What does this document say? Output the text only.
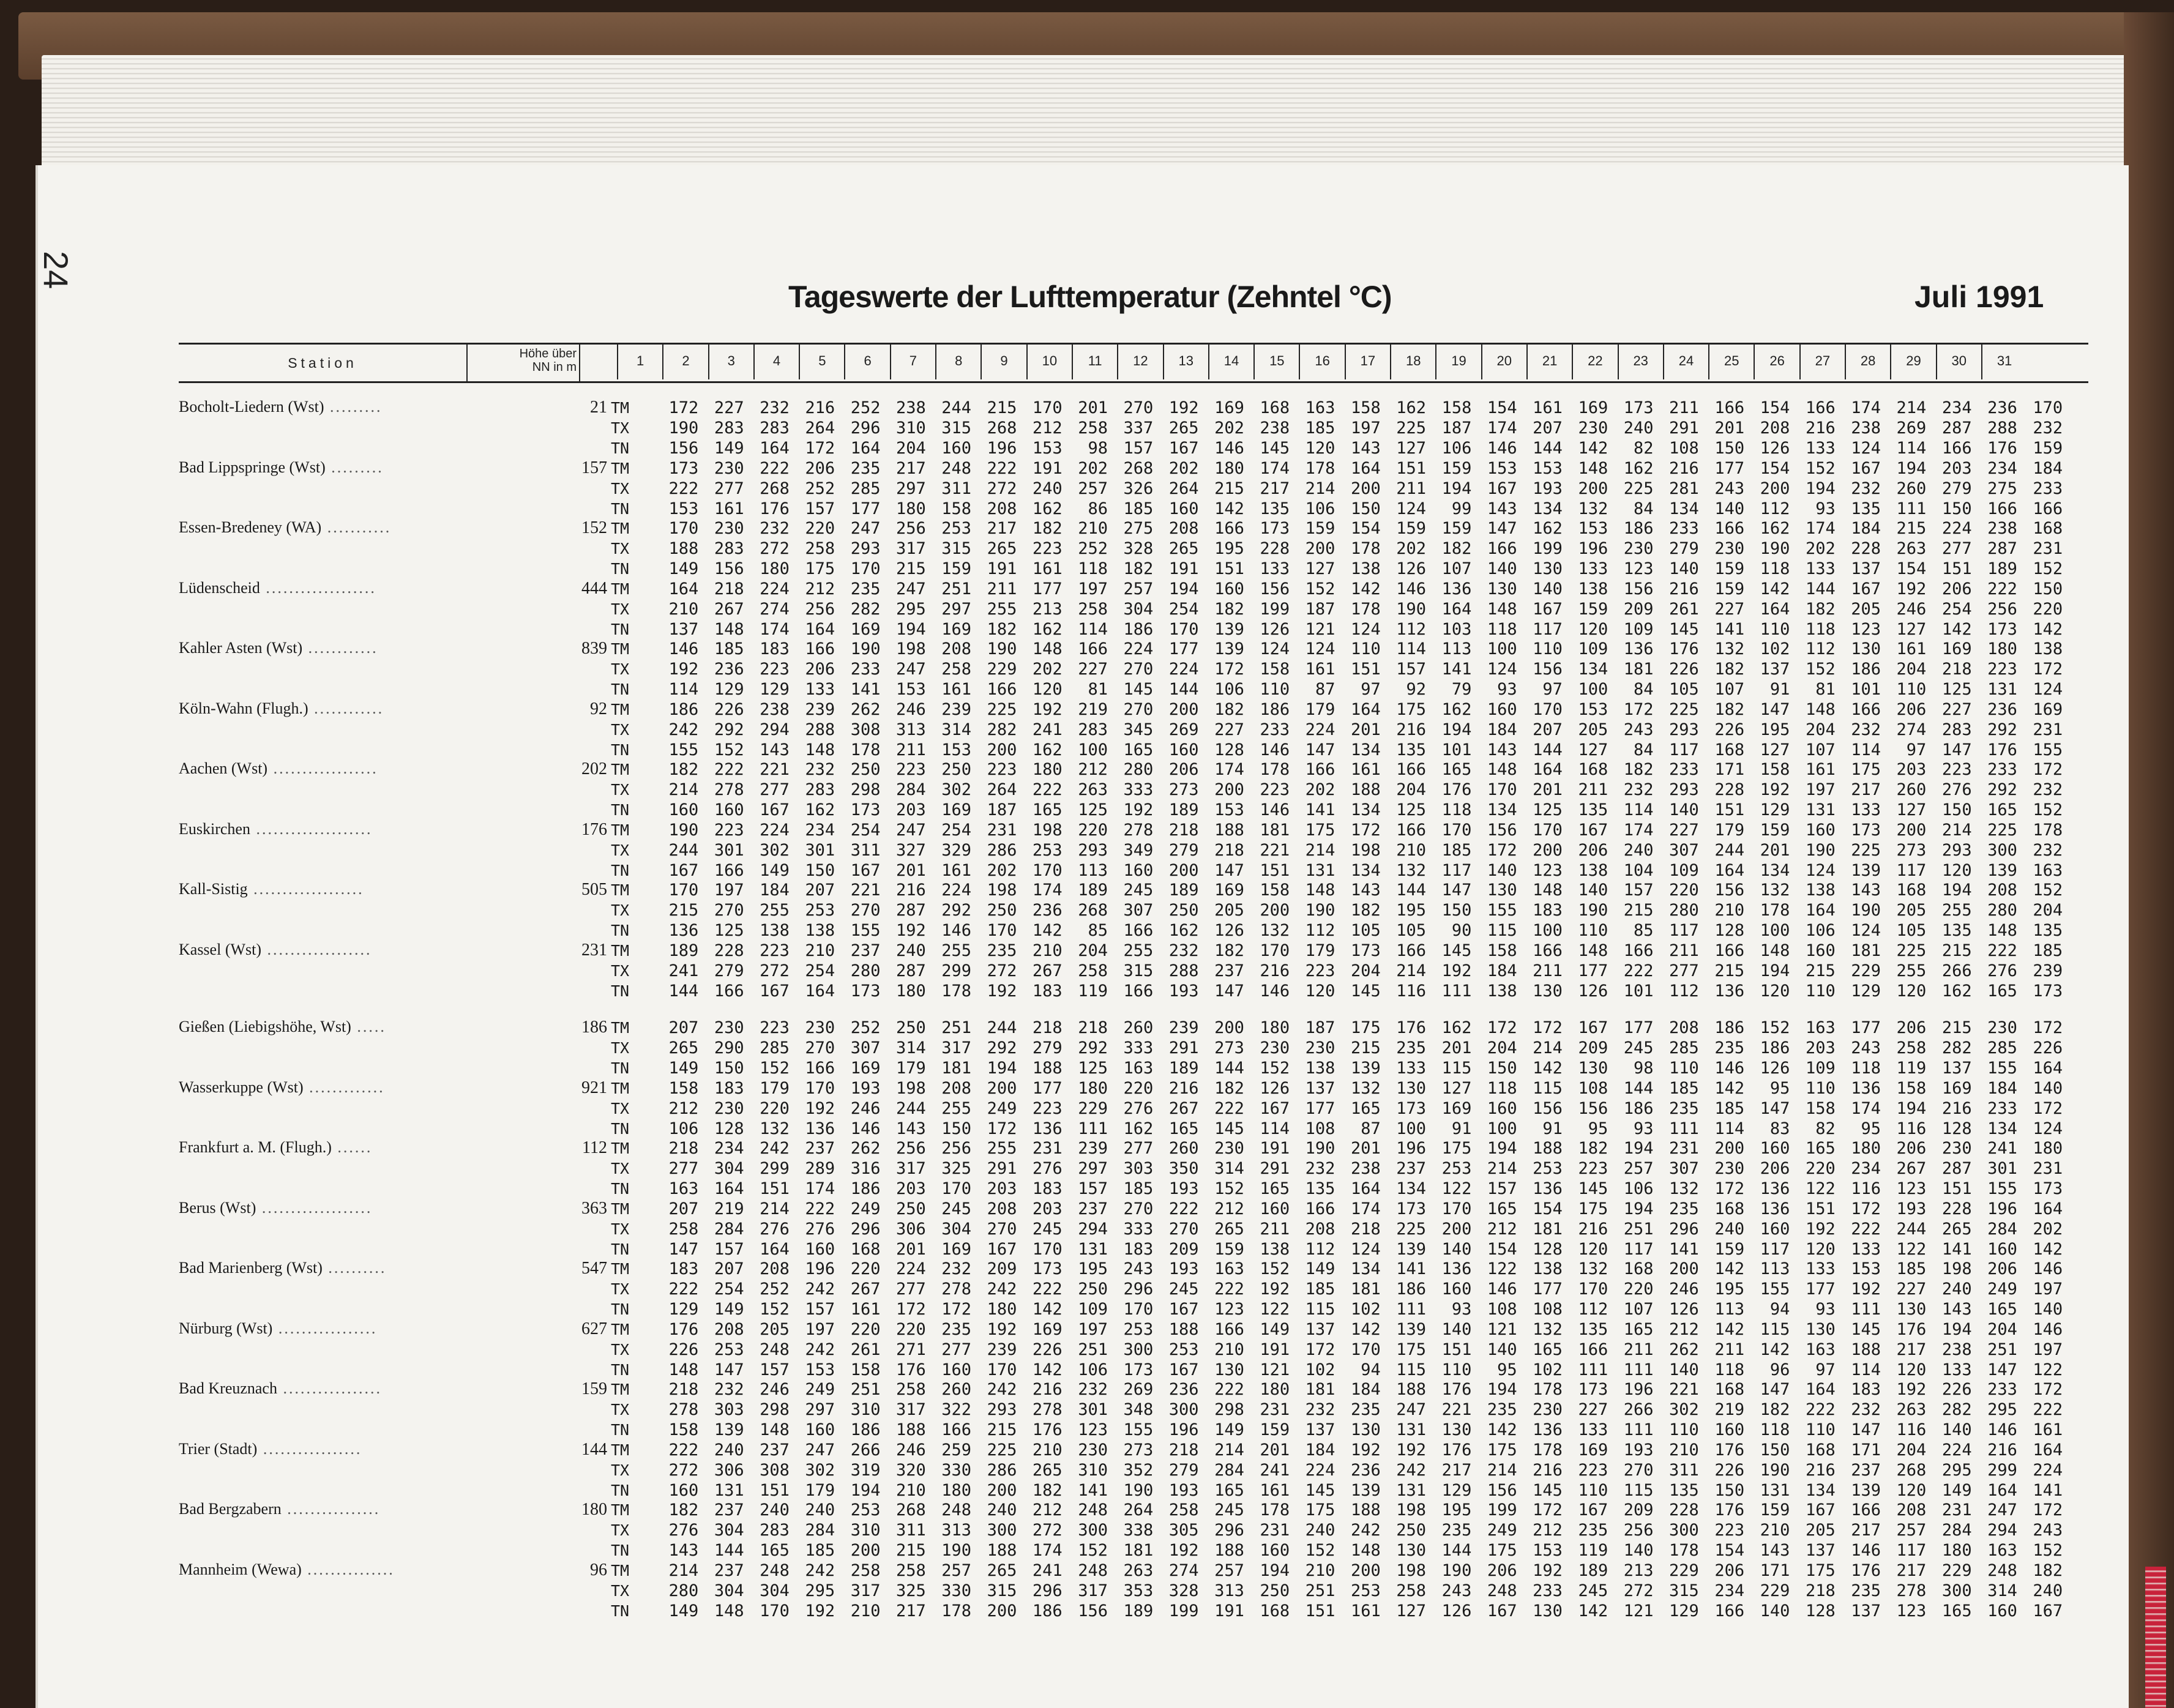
24
Tageswerte der Lufttemperatur (Zehntel °C)	Juli 1991
Station
Höhe über
NN in m	1	2	3	4	5	6	7	8	9	10	11	12	13	14	15	16	17	18	19	20	21	22	23	24	25	26	27	28	29	30	31
Bocholt-Liedern (Wst) .........	21 TM	172 227 232 216 252 238 244 215 170 201 270 192 169 168 163 158 162 158 154 161 169 173 211 166 154 166 174 214 234 236 170
TX	190 283 283 264 296 310 315 268 212 258 337 265 202 238 185 197 225 187 174 207 230 240 291 201 208 216 238 269 287 288 232
TN	156 149 164 172 164 204 160 196 153	98 157 167 146 145 120 143 127 106 146 144 142	82 108 150 126 133 124 114 166 176 159
Bad Lippspringe (Wst) .........	157 TM	173 230 222 206 235 217 248 222 191 202 268 202 180 174 178 164 151 159 153 153 148 162 216 177 154 152 167 194 203 234 184
TX	222 277 268 252 285 297 311 272 240 257 326 264 215 217 214 200 211 194 167 193 200 225 281 243 200 194 232 260 279 275 233
TN	153 161 176 157 177 180 158 208 162	86 185 160 142 135 106 150 124	99 143 134 132	84 134 140 112	93 135 111 150 166 166
Essen-Bredeney (WA) ...........	152 TM	170 230 232 220 247 256 253 217 182 210 275 208 166 173 159 154 159 159 147 162 153 186 233 166 162 174 184 215 224 238 168
TX	188 283 272 258 293 317 315 265 223 252 328 265 195 228 200 178 202 182 166 199 196 230 279 230 190 202 228 263 277 287 231
TN	149 156 180 175 170 215 159 191 161 118 182 191 151 133 127 138 126 107 140 130 133 123 140 159 118 133 137 154 151 189 152
Lüdenscheid ...................	444 TM	164 218 224 212 235 247 251 211 177 197 257 194 160 156 152 142 146 136 130 140 138 156 216 159 142 144 167 192 206 222 150
TX	210 267 274 256 282 295 297 255 213 258 304 254 182 199 187 178 190 164 148 167 159 209 261 227 164 182 205 246 254 256 220
TN	137 148 174 164 169 194 169 182 162 114 186 170 139 126 121 124 112 103 118 117 120 109 145 141 110 118 123 127 142 173 142
Kahler Asten (Wst) ............	839 TM	146 185 183 166 190 198 208 190 148 166 224 177 139 124 124 110 114 113 100 110 109 136 176 132 102 112 130 161 169 180 138
TX	192 236 223 206 233 247 258 229 202 227 270 224 172 158 161 151 157 141 124 156 134 181 226 182 137 152 186 204 218 223 172
TN	114 129 129 133 141 153 161 166 120	81 145 144 106 110	87	97	92	79	93	97 100	84 105 107	91	81 101 110 125 131 124
Köln-Wahn (Flugh.) ............	92 TM	186 226 238 239 262 246 239 225 192 219 270 200 182 186 179 164 175 162 160 170 153 172 225 182 147 148 166 206 227 236 169
TX	242 292 294 288 308 313 314 282 241 283 345 269 227 233 224 201 216 194 184 207 205 243 293 226 195 204 232 274 283 292 231
TN	155 152 143 148 178 211 153 200 162 100 165 160 128 146 147 134 135 101 143 144 127	84 117 168 127 107 114	97 147 176 155
Aachen (Wst) ..................	202 TM	182 222 221 232 250 223 250 223 180 212 280 206 174 178 166 161 166 165 148 164 168 182 233 171 158 161 175 203 223 233 172
TX	214 278 277 283 298 284 302 264 222 263 333 273 200 223 202 188 204 176 170 201 211 232 293 228 192 197 217 260 276 292 232
TN	160 160 167 162 173 203 169 187 165 125 192 189 153 146 141 134 125 118 134 125 135 114 140 151 129 131 133 127 150 165 152
Euskirchen ....................	176 TM	190 223 224 234 254 247 254 231 198 220 278 218 188 181 175 172 166 170 156 170 167 174 227 179 159 160 173 200 214 225 178
TX	244 301 302 301 311 327 329 286 253 293 349 279 218 221 214 198 210 185 172 200 206 240 307 244 201 190 225 273 293 300 232
TN	167 166 149 150 167 201 161 202 170 113 160 200 147 151 131 134 132 117 140 123 138 104 109 164 134 124 139 117 120 139 163
Kall-Sistig ...................	505 TM	170 197 184 207 221 216 224 198 174 189 245 189 169 158 148 143 144 147 130 148 140 157 220 156 132 138 143 168 194 208 152
TX	215 270 255 253 270 287 292 250 236 268 307 250 205 200 190 182 195 150 155 183 190 215 280 210 178 164 190 205 255 280 204
TN	136 125 138 138 155 192 146 170 142	85 166 162 126 132 112 105 105	90 115 100 110	85 117 128 100 106 124 105 135 148 135
Kassel (Wst) ..................	231 TM	189 228 223 210 237 240 255 235 210 204 255 232 182 170 179 173 166 145 158 166 148 166 211 166 148 160 181 225 215 222 185
TX	241 279 272 254 280 287 299 272 267 258 315 288 237 216 223 204 214 192 184 211 177 222 277 215 194 215 229 255 266 276 239
TN	144 166 167 164 173 180 178 192 183 119 166 193 147 146 120 145 116 111 138 130 126 101 112 136 120 110 129 120 162 165 173
Gießen (Liebigshöhe, Wst) .....	186 TM	207 230 223 230 252 250 251 244 218 218 260 239 200 180 187 175 176 162 172 172 167 177 208 186 152 163 177 206 215 230 172
TX	265 290 285 270 307 314 317 292 279 292 333 291 273 230 230 215 235 201 204 214 209 245 285 235 186 203 243 258 282 285 226
TN	149 150 152 166 169 179 181 194 188 125 163 189 144 152 138 139 133 115 150 142 130	98 110 146 126 109 118 119 137 155 164
Wasserkuppe (Wst) .............	921 TM	158 183 179 170 193 198 208 200 177 180 220 216 182 126 137 132 130 127 118 115 108 144 185 142	95 110 136 158 169 184 140
TX	212 230 220 192 246 244 255 249 223 229 276 267 222 167 177 165 173 169 160 156 156 186 235 185 147 158 174 194 216 233 172
TN	106 128 132 136 146 143 150 172 136 111 162 165 145 114 108	87 100	91 100	91	95	93 111 114	83	82	95 116 128 134 124
Frankfurt a. M. (Flugh.) ......	112 TM	218 234 242 237 262 256 256 255 231 239 277 260 230 191 190 201 196 175 194 188 182 194 231 200 160 165 180 206 230 241 180
TX	277 304 299 289 316 317 325 291 276 297 303 350 314 291 232 238 237 253 214 253 223 257 307 230 206 220 234 267 287 301 231
TN	163 164 151 174 186 203 170 203 183 157 185 193 152 165 135 164 134 122 157 136 145 106 132 172 136 122 116 123 151 155 173
Berus (Wst) ...................	363 TM	207 219 214 222 249 250 245 208 203 237 270 222 212 160 166 174 173 170 165 154 175 194 235 168 136 151 172 193 228 196 164
TX	258 284 276 276 296 306 304 270 245 294 333 270 265 211 208 218 225 200 212 181 216 251 296 240 160 192 222 244 265 284 202
TN	147 157 164 160 168 201 169 167 170 131 183 209 159 138 112 124 139 140 154 128 120 117 141 159 117 120 133 122 141 160 142
Bad Marienberg (Wst) ..........	547 TM	183 207 208 196 220 224 232 209 173 195 243 193 163 152 149 134 141 136 122 138 132 168 200 142 113 133 153 185 198 206 146
TX	222 254 252 242 267 277 278 242 222 250 296 245 222 192 185 181 186 160 146 177 170 220 246 195 155 177 192 227 240 249 197
TN	129 149 152 157 161 172 172 180 142 109 170 167 123 122 115 102 111	93 108 108 112 107 126 113	94	93 111 130 143 165 140
Nürburg (Wst) .................	627 TM	176 208 205 197 220 220 235 192 169 197 253 188 166 149 137 142 139 140 121 132 135 165 212 142 115 130 145 176 194 204 146
TX	226 253 248 242 261 271 277 239 226 251 300 253 210 191 172 170 175 151 140 165 166 211 262 211 142 163 188 217 238 251 197
TN	148 147 157 153 158 176 160 170 142 106 173 167 130 121 102	94 115 110	95 102 111 111 140 118	96	97 114 120 133 147 122
Bad Kreuznach .................	159 TM	218 232 246 249 251 258 260 242 216 232 269 236 222 180 181 184 188 176 194 178 173 196 221 168 147 164 183 192 226 233 172
TX	278 303 298 297 310 317 322 293 278 301 348 300 298 231 232 235 247 221 235 230 227 266 302 219 182 222 232 263 282 295 222
TN	158 139 148 160 186 188 166 215 176 123 155 196 149 159 137 130 131 130 142 136 133 111 110 160 118 110 147 116 140 146 161
Trier (Stadt) .................	144 TM	222 240 237 247 266 246 259 225 210 230 273 218 214 201 184 192 192 176 175 178 169 193 210 176 150 168 171 204 224 216 164
TX	272 306 308 302 319 320 330 286 265 310 352 279 284 241 224 236 242 217 214 216 223 270 311 226 190 216 237 268 295 299 224
TN	160 131 151 179 194 210 180 200 182 141 190 193 165 161 145 139 131 129 156 145 110 115 135 150 131 134 139 120 149 164 141
Bad Bergzabern ................	180 TM	182 237 240 240 253 268 248 240 212 248 264 258 245 178 175 188 198 195 199 172 167 209 228 176 159 167 166 208 231 247 172
TX	276 304 283 284 310 311 313 300 272 300 338 305 296 231 240 242 250 235 249 212 235 256 300 223 210 205 217 257 284 294 243
TN	143 144 165 185 200 215 190 188 174 152 181 192 188 160 152 148 130 144 175 153 119 140 178 154 143 137 146 117 180 163 152
Mannheim (Wewa) ...............	96 TM	214 237 248 242 258 258 257 265 241 248 263 274 257 194 210 200 198 190 206 192 189 213 229 206 171 175 176 217 229 248 182
TX	280 304 304 295 317 325 330 315 296 317 353 328 313 250 251 253 258 243 248 233 245 272 315 234 229 218 235 278 300 314 240
TN	149 148 170 192 210 217 178 200 186 156 189 199 191 168 151 161 127 126 167 130 142 121 129 166 140 128 137 123 165 160 167
